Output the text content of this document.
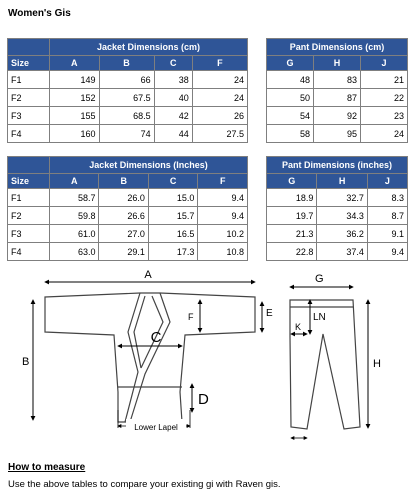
Women's Gis
	Jacket Dimensions (cm)			
Size	A	B	C	F
F1	149	66	38	24
F2	152	67.5	40	24
F3	155	68.5	42	26
F4	160	74	44	27.5
Pant Dimensions (cm)		
G	H	J
48	83	21
50	87	22
54	92	23
58	95	24
	Jacket Dimensions (Inches)			
Size	A	B	C	F
F1	58.7	26.0	15.0	9.4
F2	59.8	26.6	15.7	9.4
F3	61.0	27.0	16.5	10.2
F4	63.0	29.1	17.3	10.8
Pant Dimensions (inches)		
G	H	J
18.9	32.7	8.3
19.7	34.3	8.7
21.3	36.2	9.1
22.8	37.4	9.4
A
B
C
F	E
D
Lower Lapel
G
LN
K
H
How to measure
Use the above tables to compare your existing gi with Raven gis.
